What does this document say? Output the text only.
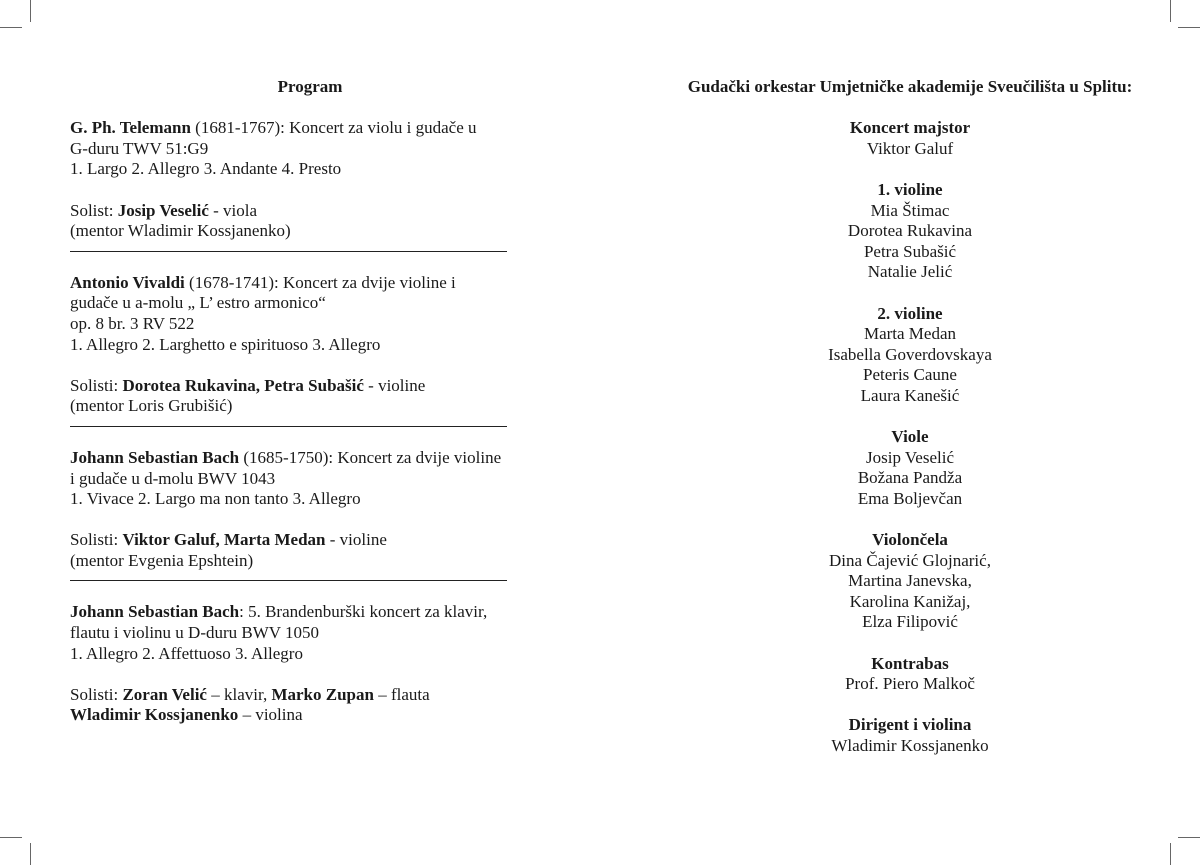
Program

G. Ph. Telemann (1681-1767): Koncert za violu i gudače u

G-duru TWV 51:G9

1. Largo 2. Allegro 3. Andante 4. Presto

Solist: Josip Veselić - viola

(mentor Wladimir Kossjanenko)

Antonio Vivaldi (1678-1741): Koncert za dvije violine i

gudače u a-molu „ L’ estro armonico“

op. 8 br. 3 RV 522

1. Allegro 2. Larghetto e spirituoso 3. Allegro

Solisti: Dorotea Rukavina, Petra Subašić - violine

(mentor Loris Grubišić)

Johann Sebastian Bach (1685-1750): Koncert za dvije violine

i gudače u d-molu BWV 1043

1. Vivace 2. Largo ma non tanto 3. Allegro

Solisti: Viktor Galuf, Marta Medan - violine

(mentor Evgenia Epshtein)

Johann Sebastian Bach: 5. Brandenburški koncert za klavir,

flautu i violinu u D-duru BWV 1050

1. Allegro 2. Affettuoso 3. Allegro

Solisti: Zoran Velić – klavir, Marko Zupan – flauta

Wladimir Kossjanenko – violina

Gudački orkestar Umjetničke akademije Sveučilišta u Splitu:

Koncert majstor

Viktor Galuf

1. violine

Mia Štimac

Dorotea Rukavina

Petra Subašić

Natalie Jelić

2. violine

Marta Medan

Isabella Goverdovskaya

Peteris Caune

Laura Kanešić

Viole

Josip Veselić

Božana Pandža

Ema Boljevčan

Violončela

Dina Čajević Glojnarić,

Martina Janevska,

Karolina Kanižaj,

Elza Filipović

Kontrabas

Prof. Piero Malkoč

Dirigent i violina

Wladimir Kossjanenko
